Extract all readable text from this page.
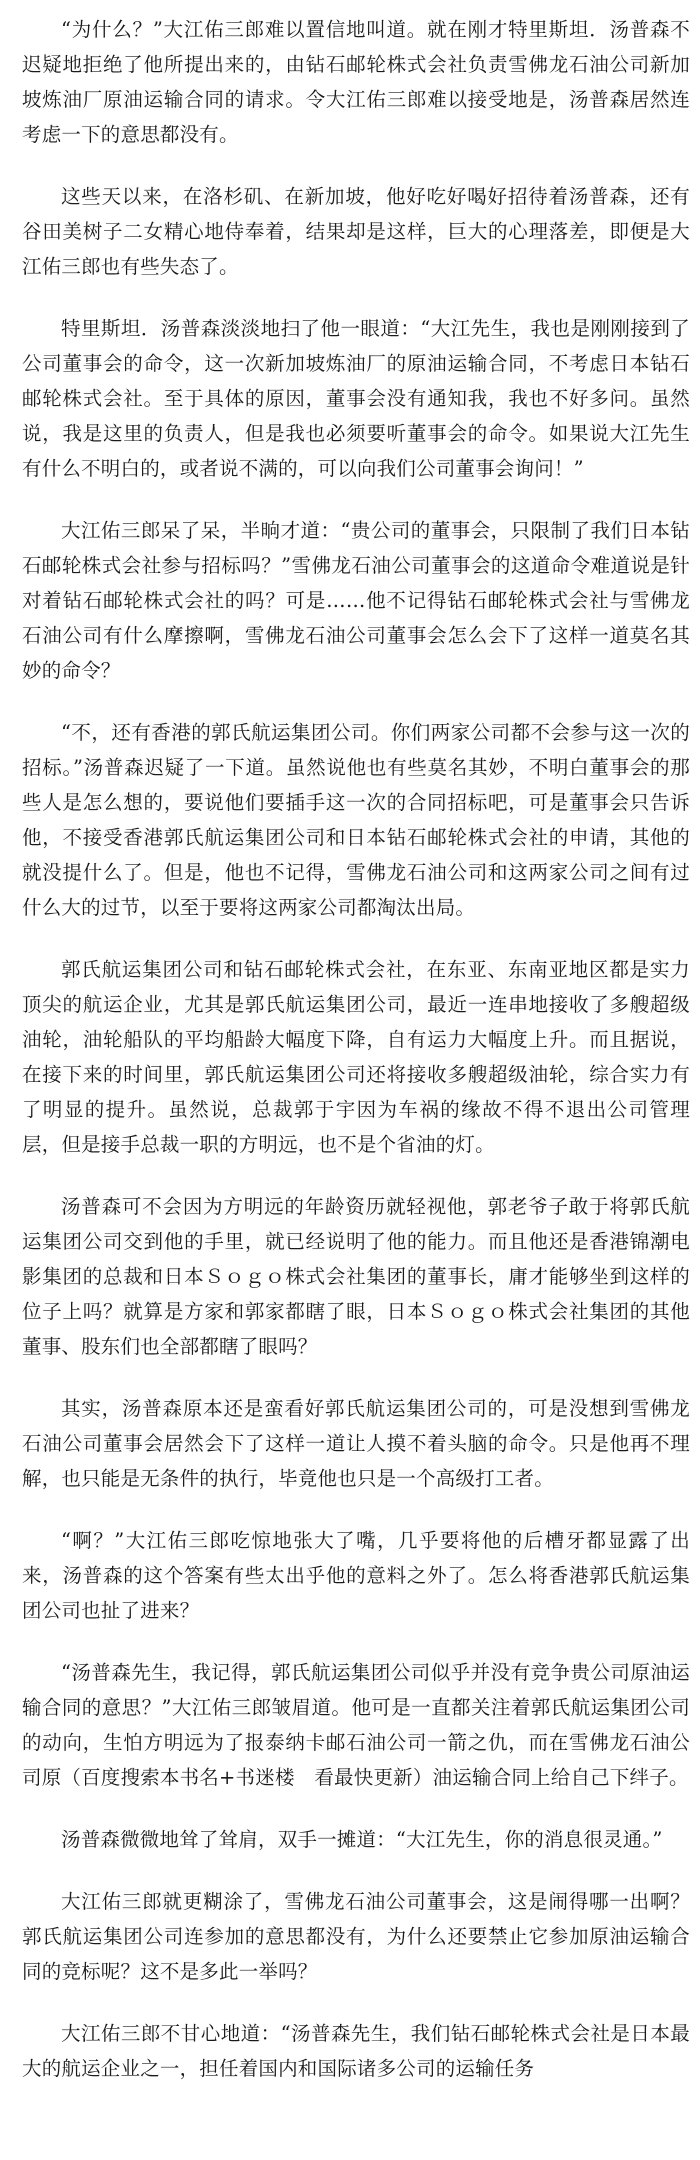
“为什么？”大江佑三郎难以置信地叫道。就在刚才特里斯坦．汤普森不迟疑地拒绝了他所提出来的，由钻石邮轮株式会社负责雪佛龙石油公司新加坡炼油厂原油运输合同的请求。令大江佑三郎难以接受地是，汤普森居然连考虑一下的意思都没有。

这些天以来，在洛杉矶、在新加坡，他好吃好喝好招待着汤普森，还有谷田美树子二女精心地侍奉着，结果却是这样，巨大的心理落差，即便是大江佑三郎也有些失态了。

特里斯坦．汤普森淡淡地扫了他一眼道：“大江先生，我也是刚刚接到了公司董事会的命令，这一次新加坡炼油厂的原油运输合同，不考虑日本钻石邮轮株式会社。至于具体的原因，董事会没有通知我，我也不好多问。虽然说，我是这里的负责人，但是我也必须要听董事会的命令。如果说大江先生有什么不明白的，或者说不满的，可以向我们公司董事会询问！”

大江佑三郎呆了呆，半晌才道：“贵公司的董事会，只限制了我们日本钻石邮轮株式会社参与招标吗？”雪佛龙石油公司董事会的这道命令难道说是针对着钻石邮轮株式会社的吗？可是……他不记得钻石邮轮株式会社与雪佛龙石油公司有什么摩擦啊，雪佛龙石油公司董事会怎么会下了这样一道莫名其妙的命令？

“不，还有香港的郭氏航运集团公司。你们两家公司都不会参与这一次的招标。”汤普森迟疑了一下道。虽然说他也有些莫名其妙，不明白董事会的那些人是怎么想的，要说他们要插手这一次的合同招标吧，可是董事会只告诉他，不接受香港郭氏航运集团公司和日本钻石邮轮株式会社的申请，其他的就没提什么了。但是，他也不记得，雪佛龙石油公司和这两家公司之间有过什么大的过节，以至于要将这两家公司都淘汰出局。

郭氏航运集团公司和钻石邮轮株式会社，在东亚、东南亚地区都是实力顶尖的航运企业，尤其是郭氏航运集团公司，最近一连串地接收了多艘超级油轮，油轮船队的平均船龄大幅度下降，自有运力大幅度上升。而且据说，在接下来的时间里，郭氏航运集团公司还将接收多艘超级油轮，综合实力有了明显的提升。虽然说，总裁郭于宇因为车祸的缘故不得不退出公司管理层，但是接手总裁一职的方明远，也不是个省油的灯。

汤普森可不会因为方明远的年龄资历就轻视他，郭老爷子敢于将郭氏航运集团公司交到他的手里，就已经说明了他的能力。而且他还是香港锦潮电影集团的总裁和日本Ｓｏｇｏ株式会社集团的董事长，庸才能够坐到这样的位子上吗？就算是方家和郭家都瞎了眼，日本Ｓｏｇｏ株式会社集团的其他董事、股东们也全部都瞎了眼吗？

其实，汤普森原本还是蛮看好郭氏航运集团公司的，可是没想到雪佛龙石油公司董事会居然会下了这样一道让人摸不着头脑的命令。只是他再不理解，也只能是无条件的执行，毕竟他也只是一个高级打工者。

“啊？”大江佑三郎吃惊地张大了嘴，几乎要将他的后槽牙都显露了出来，汤普森的这个答案有些太出乎他的意料之外了。怎么将香港郭氏航运集团公司也扯了进来？

“汤普森先生，我记得，郭氏航运集团公司似乎并没有竞争贵公司原油运输合同的意思？”大江佑三郎皱眉道。他可是一直都关注着郭氏航运集团公司的动向，生怕方明远为了报泰纳卡邮石油公司一箭之仇，而在雪佛龙石油公司原（百度搜索本书名+书迷楼　看最快更新）油运输合同上给自己下绊子。

汤普森微微地耸了耸肩，双手一摊道：“大江先生，你的消息很灵通。”

大江佑三郎就更糊涂了，雪佛龙石油公司董事会，这是闹得哪一出啊？郭氏航运集团公司连参加的意思都没有，为什么还要禁止它参加原油运输合同的竞标呢？这不是多此一举吗？

大江佑三郎不甘心地道：“汤普森先生，我们钻石邮轮株式会社是日本最大的航运企业之一，担任着国内和国际诸多公司的运输任务
